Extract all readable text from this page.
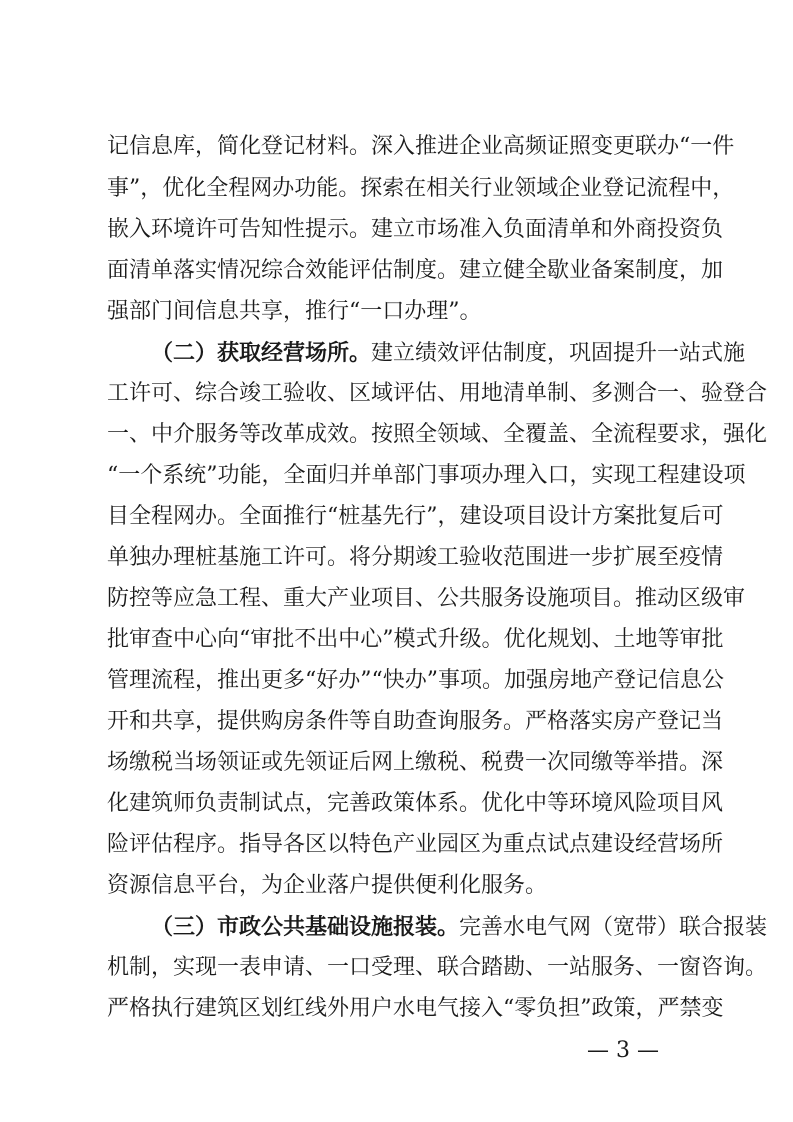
记信息库，简化登记材料。深入推进企业高频证照变更联办“一件
事”，优化全程网办功能。探索在相关行业领域企业登记流程中，
嵌入环境许可告知性提示。建立市场准入负面清单和外商投资负
面清单落实情况综合效能评估制度。建立健全歇业备案制度，加
强部门间信息共享，推行“一口办理”。
（二）获取经营场所。建立绩效评估制度，巩固提升一站式施
工许可、综合竣工验收、区域评估、用地清单制、多测合一、验登合
一、中介服务等改革成效。按照全领域、全覆盖、全流程要求，强化
“一个系统”功能，全面归并单部门事项办理入口，实现工程建设项
目全程网办。全面推行“桩基先行”，建设项目设计方案批复后可
单独办理桩基施工许可。将分期竣工验收范围进一步扩展至疫情
防控等应急工程、重大产业项目、公共服务设施项目。推动区级审
批审查中心向“审批不出中心”模式升级。优化规划、土地等审批
管理流程，推出更多“好办”“快办”事项。加强房地产登记信息公
开和共享，提供购房条件等自助查询服务。严格落实房产登记当
场缴税当场领证或先领证后网上缴税、税费一次同缴等举措。深
化建筑师负责制试点，完善政策体系。优化中等环境风险项目风
险评估程序。指导各区以特色产业园区为重点试点建设经营场所
资源信息平台，为企业落户提供便利化服务。
（三）市政公共基础设施报装。完善水电气网（宽带）联合报装
机制，实现一表申请、一口受理、联合踏勘、一站服务、一窗咨询。
严格执行建筑区划红线外用户水电气接入“零负担”政策，严禁变
— 3 —
